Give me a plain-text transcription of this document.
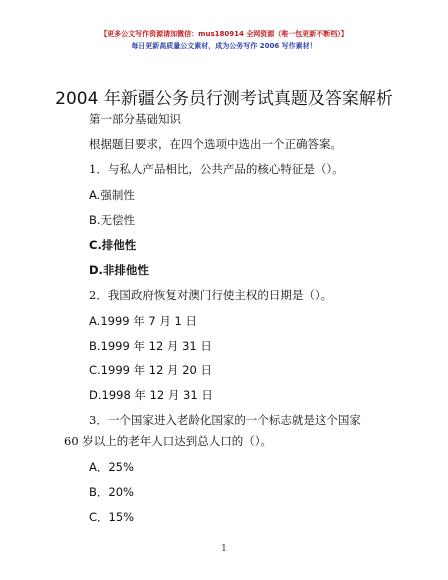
【更多公文写作资源请加微信：mus180914 全网资源（唯一包更新不断档）】
每日更新高质量公文素材，成为公务写作 2006 写作素材！
2004 年新疆公务员行测考试真题及答案解析
第一部分基础知识
根据题目要求，在四个选项中选出一个正确答案。
1．与私人产品相比，公共产品的核心特征是（）。
A.强制性
B.无偿性
C.排他性
D.非排他性
2．我国政府恢复对澳门行使主权的日期是（）。
A.1999 年 7 月 1 日
B.1999 年 12 月 31 日
C.1999 年 12 月 20 日
D.1998 年 12 月 31 日
3．一个国家进入老龄化国家的一个标志就是这个国家
60 岁以上的老年人口达到总人口的（）。
A．25%
B．20%
C．15%
1
